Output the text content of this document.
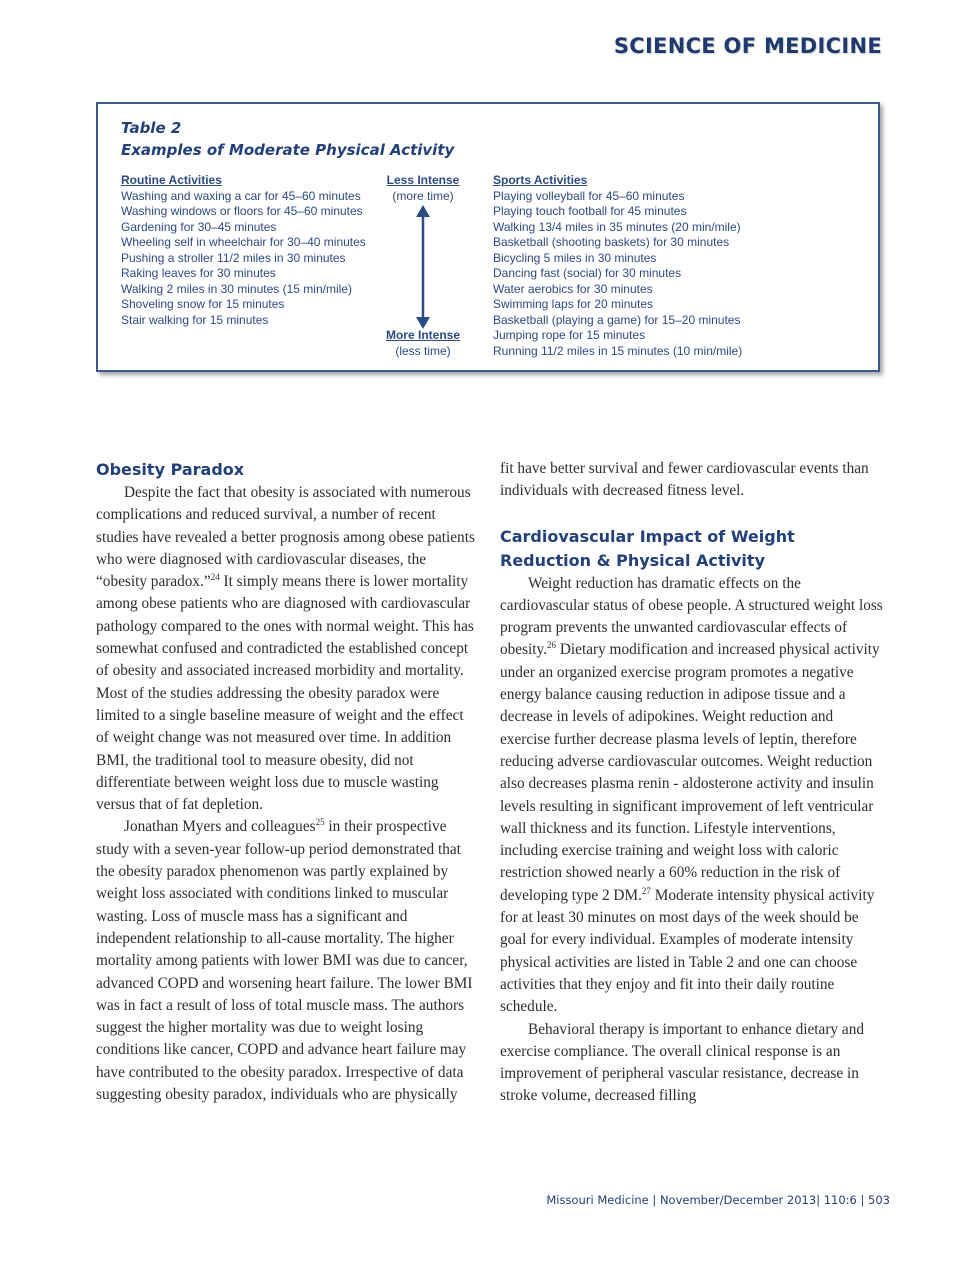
SCIENCE OF MEDICINE
Table 2
Examples of Moderate Physical Activity
Routine Activities
Washing and waxing a car for 45–60 minutes
Washing windows or floors for 45–60 minutes
Gardening for 30–45 minutes
Wheeling self in wheelchair for 30–40 minutes
Pushing a stroller 11/2 miles in 30 minutes
Raking leaves for 30 minutes
Walking 2 miles in 30 minutes (15 min/mile)
Shoveling snow for 15 minutes
Stair walking for 15 minutes
Less Intense
(more time)
More Intense
(less time)
Sports Activities
Playing volleyball for 45–60 minutes
Playing touch football for 45 minutes
Walking 13/4 miles in 35 minutes (20 min/mile)
Basketball (shooting baskets) for 30 minutes
Bicycling 5 miles in 30 minutes
Dancing fast (social) for 30 minutes
Water aerobics for 30 minutes
Swimming laps for 20 minutes
Basketball (playing a game) for 15–20 minutes
Jumping rope for 15 minutes
Running 11/2 miles in 15 minutes (10 min/mile)
Obesity Paradox

Despite the fact that obesity is associated with numerous complications and reduced survival, a number of recent studies have revealed a better prognosis among obese patients who were diagnosed with cardiovascular diseases, the “obesity paradox.”$^{24}$ It simply means there is lower mortality among obese patients who are diagnosed with cardiovascular pathology compared to the ones with normal weight. This has somewhat confused and contradicted the established concept of obesity and associated increased morbidity and mortality. Most of the studies addressing the obesity paradox were limited to a single baseline measure of weight and the effect of weight change was not measured over time. In addition BMI, the traditional tool to measure obesity, did not differentiate between weight loss due to muscle wasting versus that of fat depletion.

Jonathan Myers and colleagues$^{25}$ in their prospective study with a seven-year follow-up period demonstrated that the obesity paradox phenomenon was partly explained by weight loss associated with conditions linked to muscular wasting. Loss of muscle mass has a significant and independent relationship to all-cause mortality. The higher mortality among patients with lower BMI was due to cancer, advanced COPD and worsening heart failure. The lower BMI was in fact a result of loss of total muscle mass. The authors suggest the higher mortality was due to weight losing conditions like cancer, COPD and advance heart failure may have contributed to the obesity paradox. Irrespective of data suggesting obesity paradox, individuals who are physically

fit have better survival and fewer cardiovascular events than individuals with decreased fitness level.

Cardiovascular Impact of Weight Reduction & Physical Activity

Weight reduction has dramatic effects on the cardiovascular status of obese people. A structured weight loss program prevents the unwanted cardiovascular effects of obesity.$^{26}$ Dietary modification and increased physical activity under an organized exercise program promotes a negative energy balance causing reduction in adipose tissue and a decrease in levels of adipokines. Weight reduction and exercise further decrease plasma levels of leptin, therefore reducing adverse cardiovascular outcomes. Weight reduction also decreases plasma renin - aldosterone activity and insulin levels resulting in significant improvement of left ventricular wall thickness and its function. Lifestyle interventions, including exercise training and weight loss with caloric restriction showed nearly a 60% reduction in the risk of developing type 2 DM.$^{27}$ Moderate intensity physical activity for at least 30 minutes on most days of the week should be goal for every individual. Examples of moderate intensity physical activities are listed in Table 2 and one can choose activities that they enjoy and fit into their daily routine schedule.

Behavioral therapy is important to enhance dietary and exercise compliance. The overall clinical response is an improvement of peripheral vascular resistance, decrease in stroke volume, decreased filling

Missouri Medicine | November/December 2013| 110:6 | 503
